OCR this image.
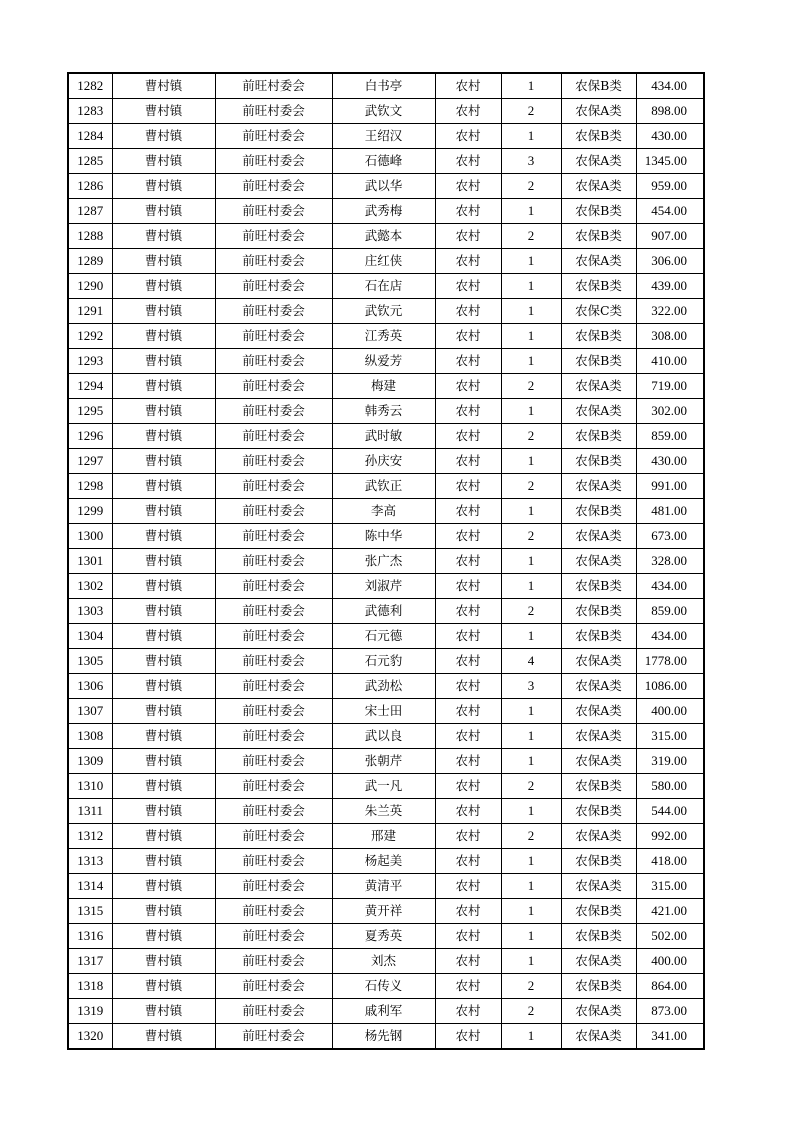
1282	曹村镇	前旺村委会	白书亭	农村	1	农保B类	434.00
1283	曹村镇	前旺村委会	武钦文	农村	2	农保A类	898.00
1284	曹村镇	前旺村委会	王绍汉	农村	1	农保B类	430.00
1285	曹村镇	前旺村委会	石德峰	农村	3	农保A类	1345.00
1286	曹村镇	前旺村委会	武以华	农村	2	农保A类	959.00
1287	曹村镇	前旺村委会	武秀梅	农村	1	农保B类	454.00
1288	曹村镇	前旺村委会	武懿本	农村	2	农保B类	907.00
1289	曹村镇	前旺村委会	庄红侠	农村	1	农保A类	306.00
1290	曹村镇	前旺村委会	石在店	农村	1	农保B类	439.00
1291	曹村镇	前旺村委会	武钦元	农村	1	农保C类	322.00
1292	曹村镇	前旺村委会	江秀英	农村	1	农保B类	308.00
1293	曹村镇	前旺村委会	纵爱芳	农村	1	农保B类	410.00
1294	曹村镇	前旺村委会	梅建	农村	2	农保A类	719.00
1295	曹村镇	前旺村委会	韩秀云	农村	1	农保A类	302.00
1296	曹村镇	前旺村委会	武时敏	农村	2	农保B类	859.00
1297	曹村镇	前旺村委会	孙庆安	农村	1	农保B类	430.00
1298	曹村镇	前旺村委会	武钦正	农村	2	农保A类	991.00
1299	曹村镇	前旺村委会	李高	农村	1	农保B类	481.00
1300	曹村镇	前旺村委会	陈中华	农村	2	农保A类	673.00
1301	曹村镇	前旺村委会	张广杰	农村	1	农保A类	328.00
1302	曹村镇	前旺村委会	刘淑芹	农村	1	农保B类	434.00
1303	曹村镇	前旺村委会	武德利	农村	2	农保B类	859.00
1304	曹村镇	前旺村委会	石元德	农村	1	农保B类	434.00
1305	曹村镇	前旺村委会	石元豹	农村	4	农保A类	1778.00
1306	曹村镇	前旺村委会	武劲松	农村	3	农保A类	1086.00
1307	曹村镇	前旺村委会	宋士田	农村	1	农保A类	400.00
1308	曹村镇	前旺村委会	武以良	农村	1	农保A类	315.00
1309	曹村镇	前旺村委会	张朝芹	农村	1	农保A类	319.00
1310	曹村镇	前旺村委会	武一凡	农村	2	农保B类	580.00
1311	曹村镇	前旺村委会	朱兰英	农村	1	农保B类	544.00
1312	曹村镇	前旺村委会	邢建	农村	2	农保A类	992.00
1313	曹村镇	前旺村委会	杨起美	农村	1	农保B类	418.00
1314	曹村镇	前旺村委会	黄清平	农村	1	农保A类	315.00
1315	曹村镇	前旺村委会	黄开祥	农村	1	农保B类	421.00
1316	曹村镇	前旺村委会	夏秀英	农村	1	农保B类	502.00
1317	曹村镇	前旺村委会	刘杰	农村	1	农保A类	400.00
1318	曹村镇	前旺村委会	石传义	农村	2	农保B类	864.00
1319	曹村镇	前旺村委会	戚利军	农村	2	农保A类	873.00
1320	曹村镇	前旺村委会	杨先钢	农村	1	农保A类	341.00
